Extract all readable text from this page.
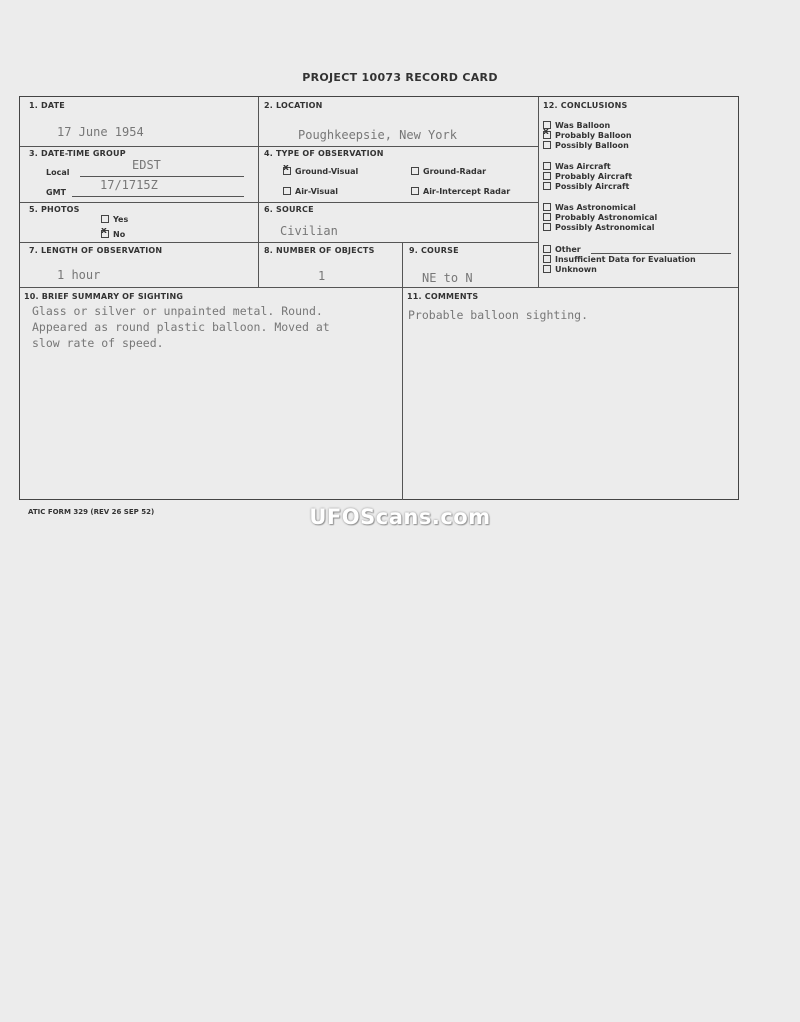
PROJECT 10073 RECORD CARD
1. DATE
17 June 1954
2. LOCATION
Poughkeepsie, New York
3. DATE-TIME GROUP
Local
EDST
GMT
17/1715Z
4. TYPE OF OBSERVATION
xGround-Visual	Ground-Radar
Air-Visual	Air-Intercept Radar
5. PHOTOS
Yes
xNo
6. SOURCE
Civilian
7. LENGTH OF OBSERVATION
1 hour
8. NUMBER OF OBJECTS
1
9. COURSE
NE to N
12. CONCLUSIONS
Was Balloon
xProbably Balloon
Possibly Balloon
Was Aircraft
Probably Aircraft
Possibly Aircraft
Was Astronomical
Probably Astronomical
Possibly Astronomical
Other
Insufficient Data for Evaluation
Unknown
10. BRIEF SUMMARY OF SIGHTING
Glass or silver or unpainted metal. Round.
Appeared as round plastic balloon. Moved at
slow rate of speed.
11. COMMENTS
Probable balloon sighting.
ATIC FORM 329 (REV 26 SEP 52)	UFOScans.com
